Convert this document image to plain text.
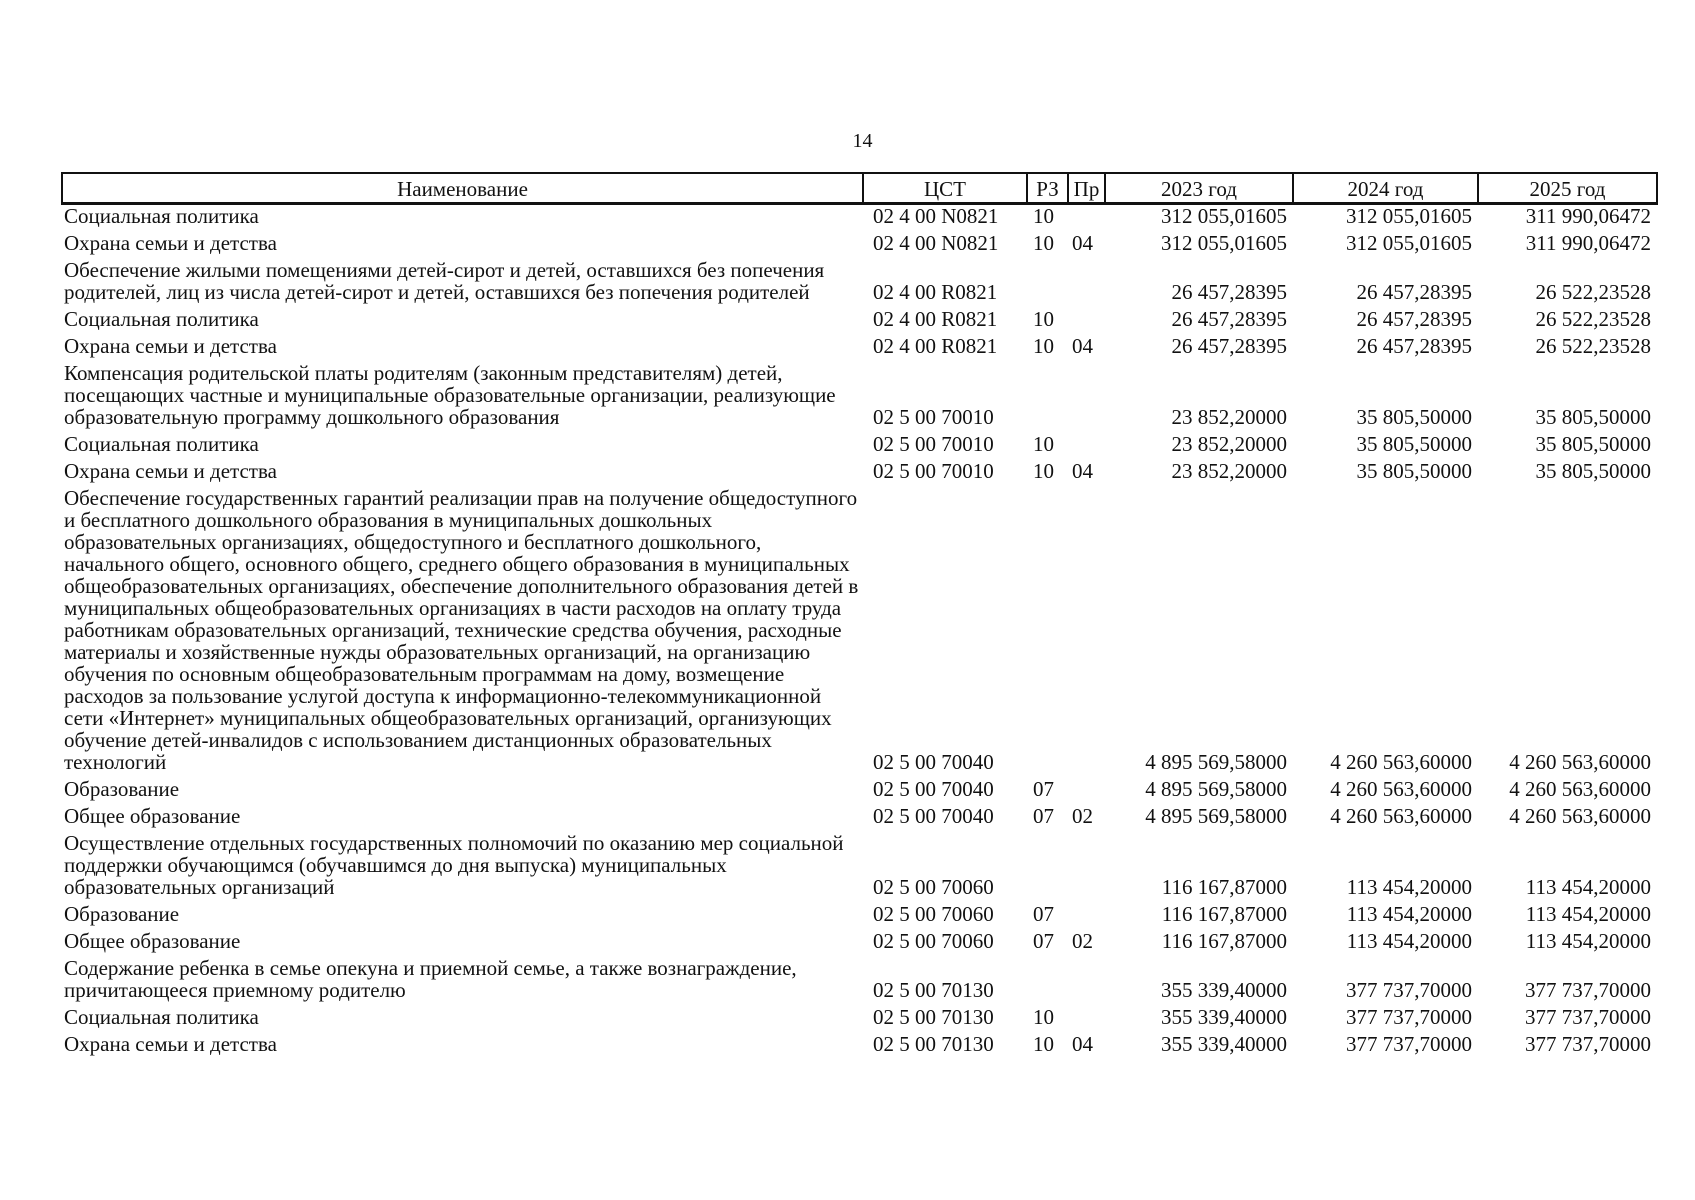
14
Наименование	ЦСТ	РЗ	Пр	2023 год	2024 год	2025 год
Социальная политика	02 4 00 N0821	10		312 055,01605	312 055,01605	311 990,06472
Охрана семьи и детства	02 4 00 N0821	10	04	312 055,01605	312 055,01605	311 990,06472
Обеспечение жилыми помещениями детей-сирот и детей, оставшихся без попечения родителей, лиц из числа детей-сирот и детей, оставшихся без попечения родителей	02 4 00 R0821			26 457,28395	26 457,28395	26 522,23528
Социальная политика	02 4 00 R0821	10		26 457,28395	26 457,28395	26 522,23528
Охрана семьи и детства	02 4 00 R0821	10	04	26 457,28395	26 457,28395	26 522,23528
Компенсация родительской платы родителям (законным представителям) детей, посещающих частные и муниципальные образовательные организации, реализующие образовательную программу дошкольного образования	02 5 00 70010			23 852,20000	35 805,50000	35 805,50000
Социальная политика	02 5 00 70010	10		23 852,20000	35 805,50000	35 805,50000
Охрана семьи и детства	02 5 00 70010	10	04	23 852,20000	35 805,50000	35 805,50000
Обеспечение государственных гарантий реализации прав на получение общедоступного и бесплатного дошкольного образования в муниципальных дошкольных образовательных организациях, общедоступного и бесплатного дошкольного, начального общего, основного общего, среднего общего образования в муниципальных общеобразовательных организациях, обеспечение дополнительного образования детей в муниципальных общеобразовательных организациях в части расходов на оплату труда работникам образовательных организаций, технические средства обучения, расходные материалы и хозяйственные нужды образовательных организаций, на организацию обучения по основным общеобразовательным программам на дому, возмещение расходов за пользование услугой доступа к информационно-телекоммуникационной сети «Интернет» муниципальных общеобразовательных организаций, организующих обучение детей-инвалидов с использованием дистанционных образовательных технологий	02 5 00 70040			4 895 569,58000	4 260 563,60000	4 260 563,60000
Образование	02 5 00 70040	07		4 895 569,58000	4 260 563,60000	4 260 563,60000
Общее образование	02 5 00 70040	07	02	4 895 569,58000	4 260 563,60000	4 260 563,60000
Осуществление отдельных государственных полномочий по оказанию мер социальной поддержки обучающимся (обучавшимся до дня выпуска) муниципальных образовательных организаций	02 5 00 70060			116 167,87000	113 454,20000	113 454,20000
Образование	02 5 00 70060	07		116 167,87000	113 454,20000	113 454,20000
Общее образование	02 5 00 70060	07	02	116 167,87000	113 454,20000	113 454,20000
Содержание ребенка в семье опекуна и приемной семье, а также вознаграждение, причитающееся приемному родителю	02 5 00 70130			355 339,40000	377 737,70000	377 737,70000
Социальная политика	02 5 00 70130	10		355 339,40000	377 737,70000	377 737,70000
Охрана семьи и детства	02 5 00 70130	10	04	355 339,40000	377 737,70000	377 737,70000
